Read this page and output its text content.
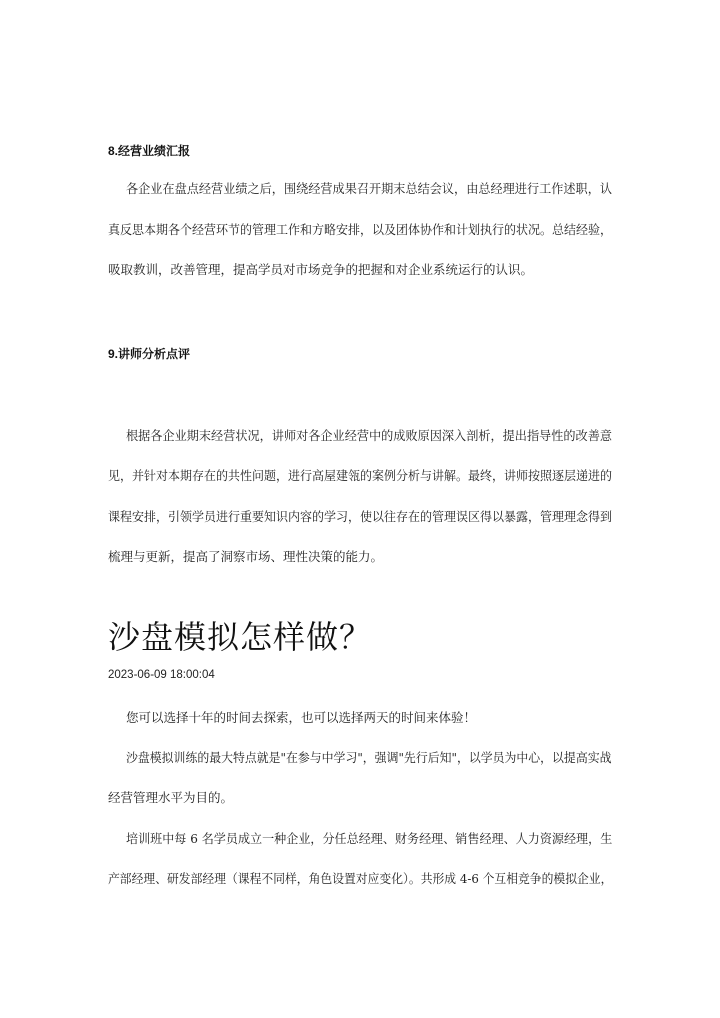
8.经营业绩汇报
各企业在盘点经营业绩之后，围绕经营成果召开期末总结会议，由总经理进行工作述职，认
真反思本期各个经营环节的管理工作和方略安排，以及团体协作和计划执行的状况。总结经验，
吸取教训，改善管理，提高学员对市场竞争的把握和对企业系统运行的认识。
9.讲师分析点评
根据各企业期末经营状况，讲师对各企业经营中的成败原因深入剖析，提出指导性的改善意
见，并针对本期存在的共性问题，进行高屋建瓴的案例分析与讲解。最终，讲师按照逐层递进的
课程安排，引领学员进行重要知识内容的学习，使以往存在的管理误区得以暴露，管理理念得到
梳理与更新，提高了洞察市场、理性决策的能力。
沙盘模拟怎样做？
2023-06-09 18:00:04
您可以选择十年的时间去探索，也可以选择两天的时间来体验！
沙盘模拟训练的最大特点就是"在参与中学习"，强调"先行后知"，以学员为中心，以提高实战
经营管理水平为目的。
培训班中每 6 名学员成立一种企业，分任总经理、财务经理、销售经理、人力资源经理，生
产部经理、研发部经理（课程不同样，角色设置对应变化）。共形成 4-6 个互相竞争的模拟企业，
